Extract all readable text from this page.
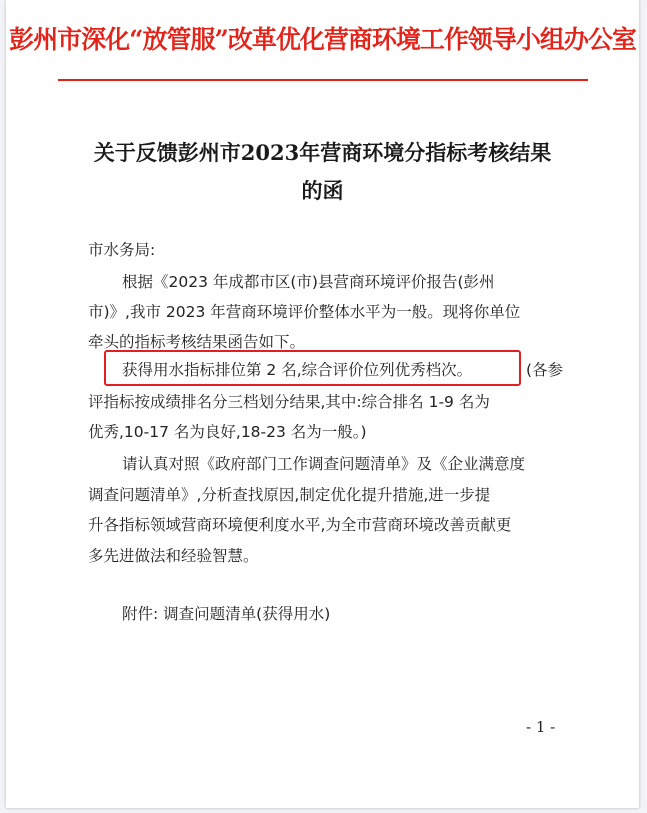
彭州市深化“放管服”改革优化营商环境工作领导小组办公室
关于反馈彭州市2023年营商环境分指标考核结果
的函
市水务局:
根据《2023 年成都市区(市)县营商环境评价报告(彭州
市)》,我市 2023 年营商环境评价整体水平为一般。现将你单位
牵头的指标考核结果函告如下。
获得用水指标排位第 2 名,综合评价位列优秀档次。	(各参
评指标按成绩排名分三档划分结果,其中:综合排名 1-9 名为
优秀,10-17 名为良好,18-23 名为一般。)
请认真对照《政府部门工作调查问题清单》及《企业满意度
调查问题清单》,分析查找原因,制定优化提升措施,进一步提
升各指标领域营商环境便利度水平,为全市营商环境改善贡献更
多先进做法和经验智慧。
附件: 调查问题清单(获得用水)
- 1 -
